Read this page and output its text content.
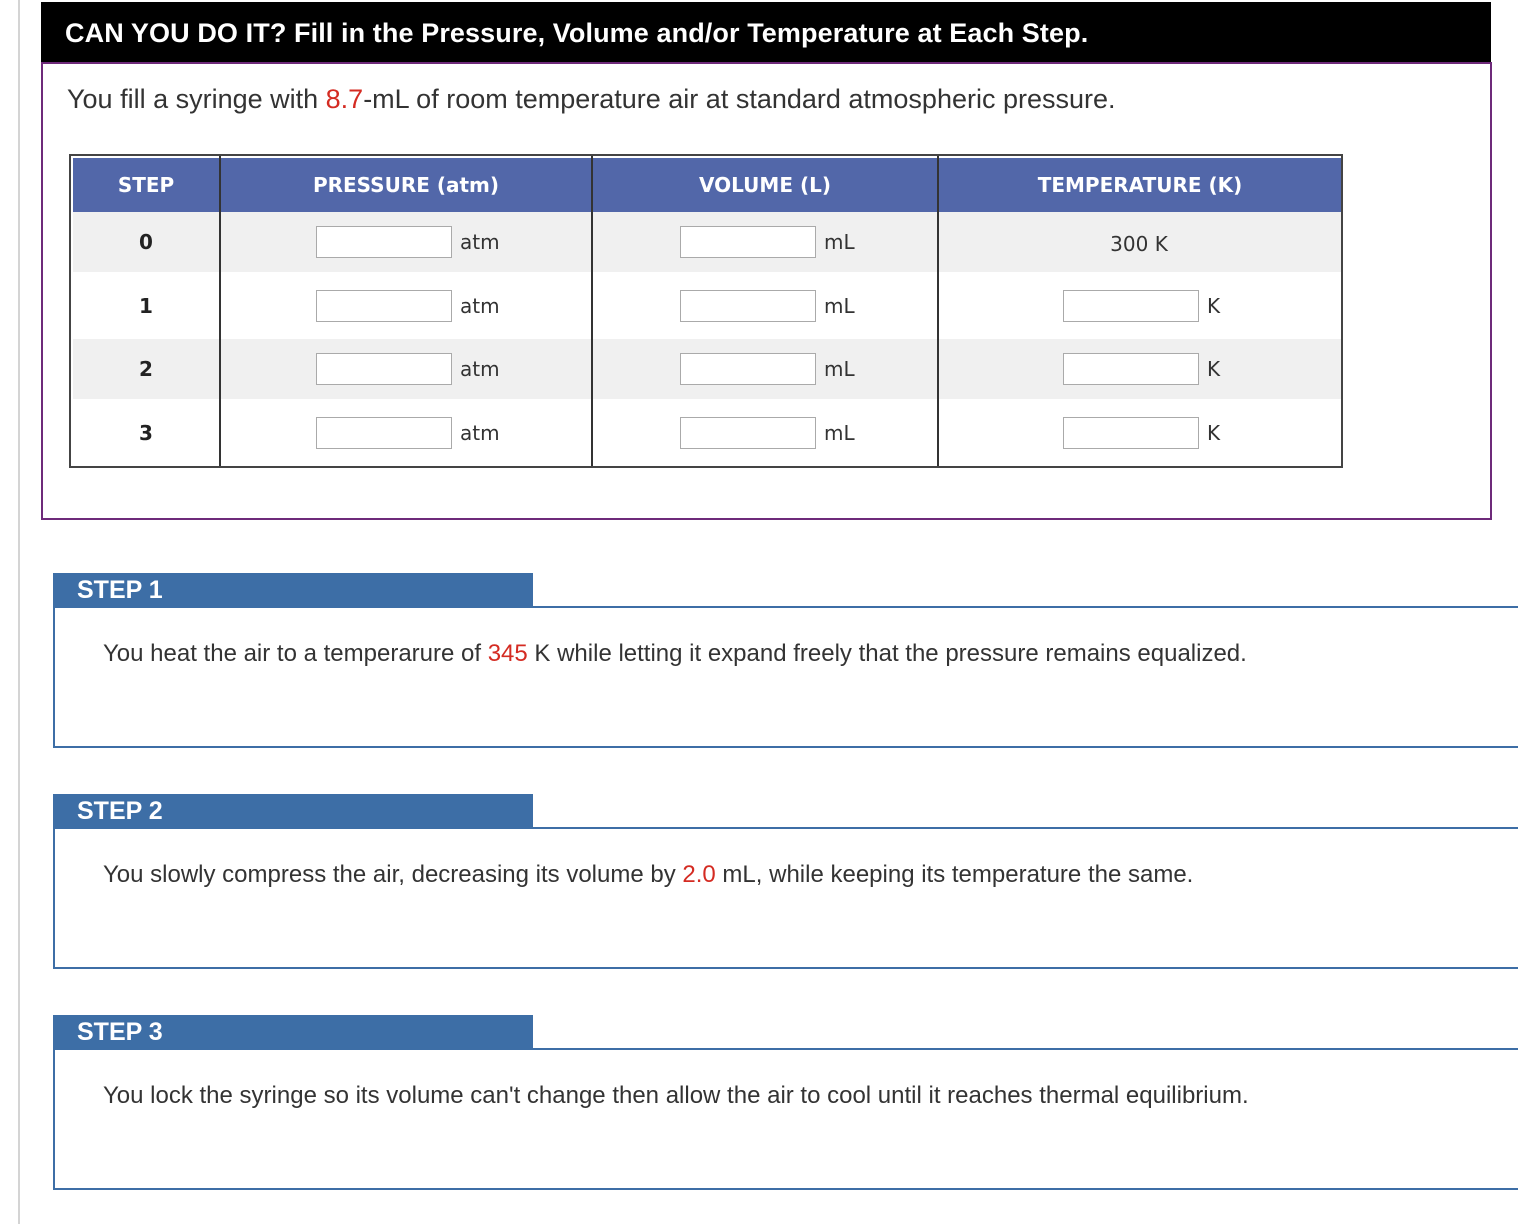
CAN YOU DO IT? Fill in the Pressure, Volume and/or Temperature at Each Step.
You fill a syringe with 8.7-mL of room temperature air at standard atmospheric pressure.
STEP	PRESSURE (atm)	VOLUME (L)	TEMPERATURE (K)
0	atm	mL	300 K
1	atm	mL	K
2	atm	mL	K
3	atm	mL	K
STEP 1
You heat the air to a temperarure of 345 K while letting it expand freely that the pressure remains equalized.
STEP 2
You slowly compress the air, decreasing its volume by 2.0 mL, while keeping its temperature the same.
STEP 3
You lock the syringe so its volume can't change then allow the air to cool until it reaches thermal equilibrium.
